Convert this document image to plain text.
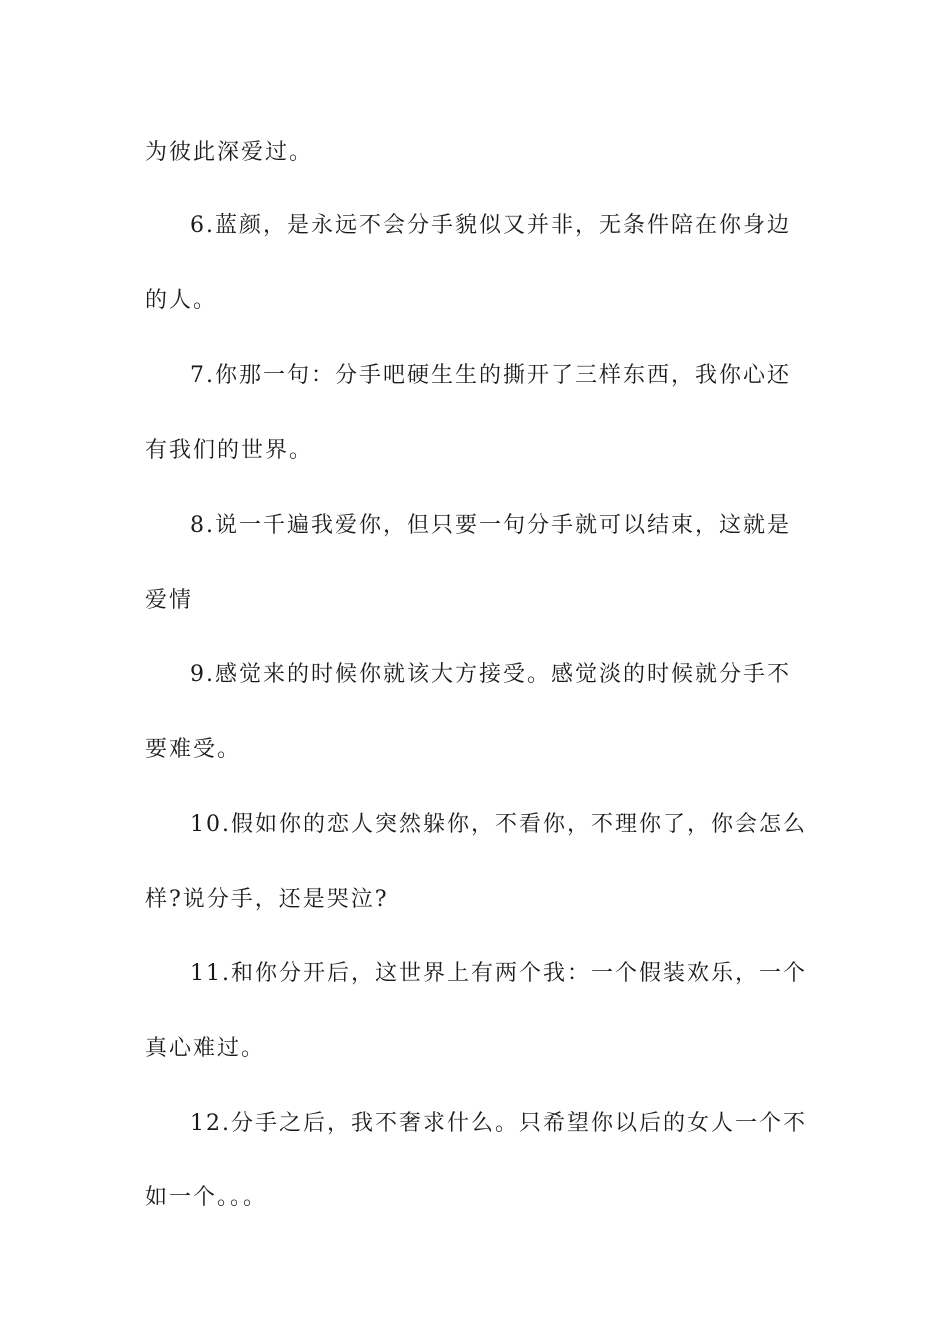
为彼此深爱过。
6.蓝颜，是永远不会分手貌似又并非，无条件陪在你身边
的人。
7.你那一句：分手吧硬生生的撕开了三样东西，我你心还
有我们的世界。
8.说一千遍我爱你，但只要一句分手就可以结束，这就是
爱情
9.感觉来的时候你就该大方接受。感觉淡的时候就分手不
要难受。
10.假如你的恋人突然躲你，不看你，不理你了，你会怎么
样?说分手，还是哭泣?
11.和你分开后，这世界上有两个我：一个假装欢乐，一个
真心难过。
12.分手之后，我不奢求什么。只希望你以后的女人一个不
如一个。。。
